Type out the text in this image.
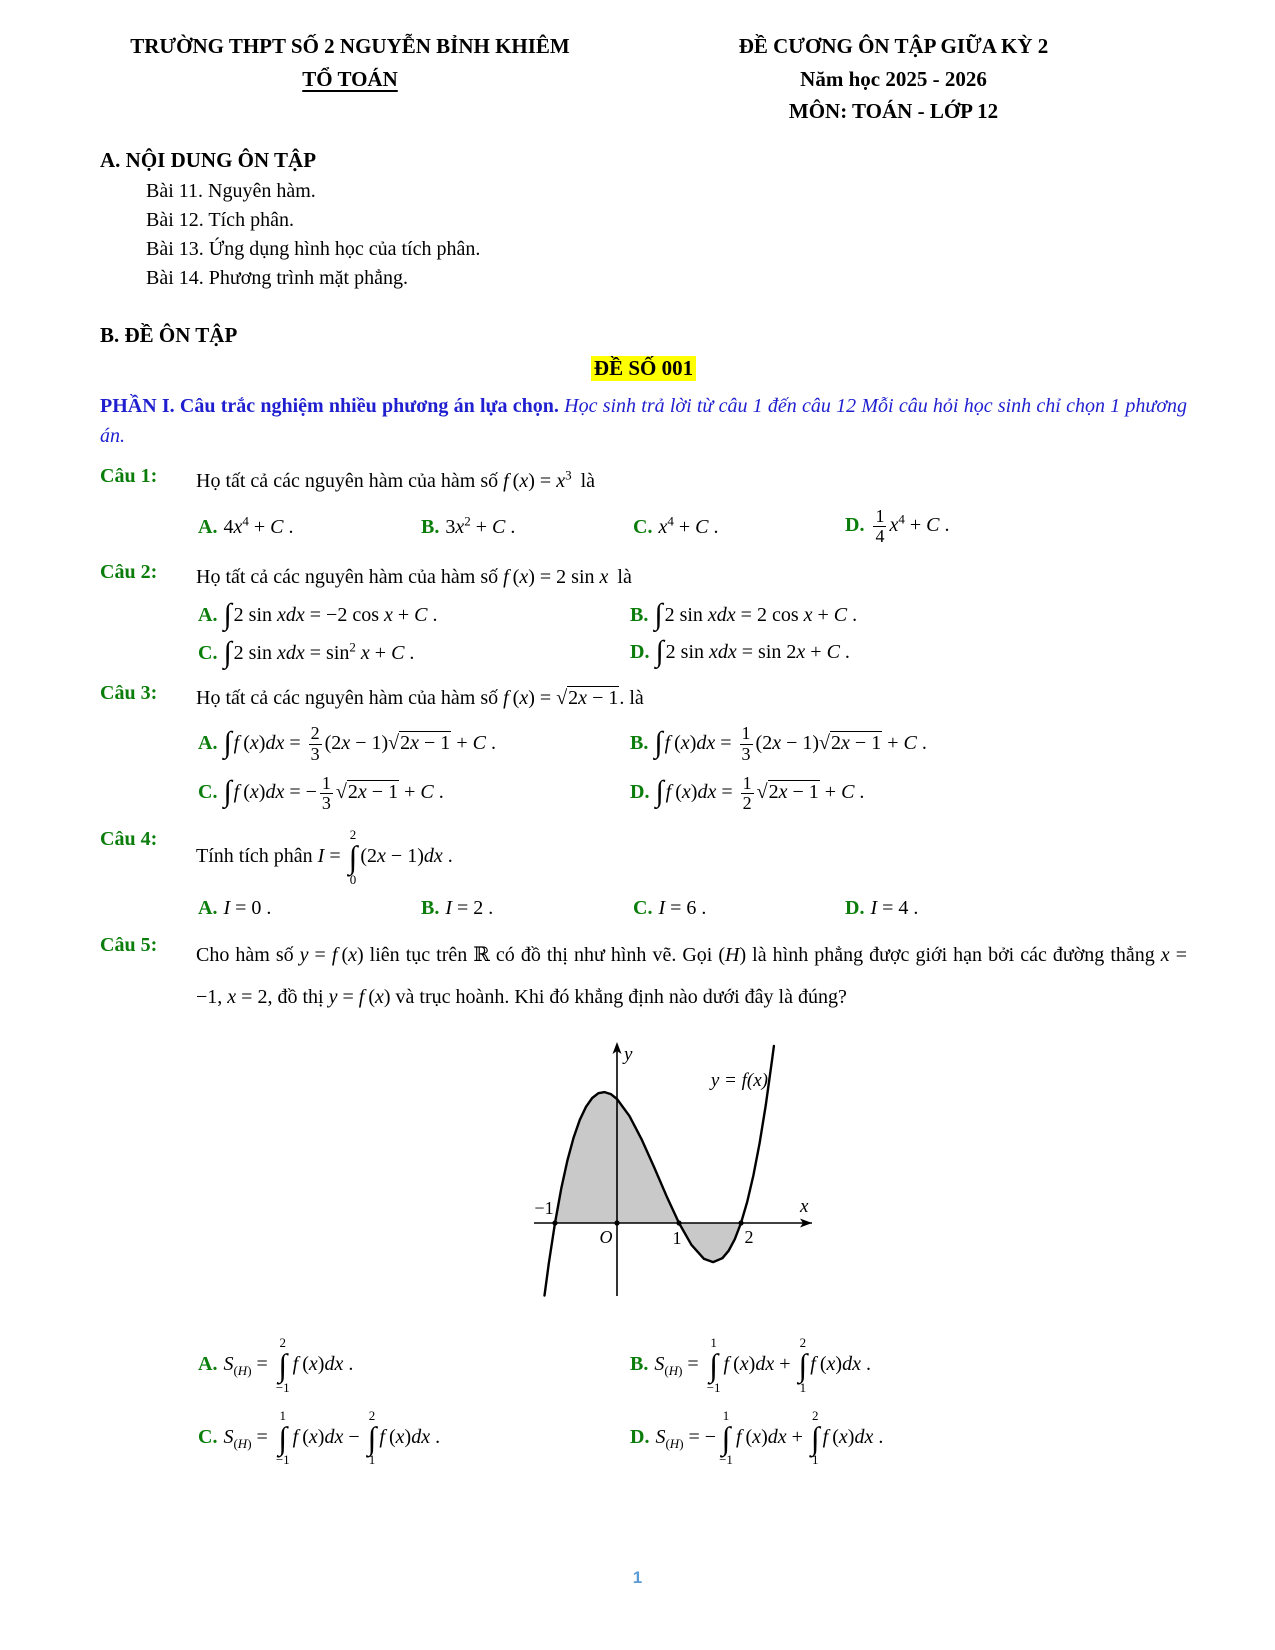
TRƯỜNG THPT SỐ 2 NGUYỄN BỈNH KHIÊM
TỔ TOÁN
ĐỀ CƯƠNG ÔN TẬP GIỮA KỲ 2
Năm học 2025 - 2026
MÔN: TOÁN - LỚP 12
A. NỘI DUNG ÔN TẬP
Bài 11. Nguyên hàm.
Bài 12. Tích phân.
Bài 13. Ứng dụng hình học của tích phân.
Bài 14. Phương trình mặt phẳng.
B. ĐỀ ÔN TẬP
ĐỀ SỐ 001
PHẦN I. Câu trắc nghiệm nhiều phương án lựa chọn. Học sinh trả lời từ câu 1 đến câu 12 Mỗi câu hỏi học sinh chỉ chọn 1 phương án.
Câu 1:	Họ tất cả các nguyên hàm của hàm số f $(x) = x^3$  là
A. $4x^4 + C$ .	B. $3x^2 + C$ .	C. $x^4 + C$ .	D. $\frac{1}{4} x^4 + C$ .
Câu 2:	Họ tất cả các nguyên hàm của hàm số f (x) = 2 sin x  là
A. ∫ 2 sin xdx = −2 cos x + C .	B. ∫ 2 sin xdx = 2 cos x + C .
C. ∫ 2 sin xdx = $\sin^2 x + C$ .	D. ∫ 2 sin xdx = sin 2x + C .
Câu 3:	Họ tất cả các nguyên hàm của hàm số f (x) = √2x − 1. là
A. ∫ f $(x)dx = \frac{2}{3} (2x - 1)√2x - 1 + C$ .	B. ∫ f $(x)dx = \frac{1}{3} (2x - 1)√2x - 1 + C$ .
C. ∫ f (x)dx = − $\frac{1}{3} √2x - 1 + C$ .	D. ∫ f $(x)dx = \frac{1}{2} √2x - 1 + C$ .
Câu 4:
Tính tích phân I =
2
∫
0
(2x − 1)dx .
A. I = 0 .	B. I = 2 .	C. I = 6 .	D. I = 4 .
Câu 5:	Cho hàm số y = f (x) liên tục trên ℝ có đồ thị như hình vẽ. Gọi (H) là hình phẳng được giới hạn bởi các đường thẳng x = −1, x = 2, đồ thị y = f (x) và trục hoành. Khi đó khẳng định nào dưới đây là đúng?
y
x
y = f(x)
−1
O	1	2
A. $S_{(H)}$ =
2
∫
−1
f (x)dx .	B. $S_{(H)}$ =
1
∫
−1
f (x)dx +
2
∫
1
f (x)dx .
C. $S_{(H)}$ =
1
∫
−1
f (x)dx −
2
∫
1
f (x)dx .	D. $S_{(H)}$ = −
1
∫
−1
f (x)dx +
2
∫
1
f (x)dx .
1
